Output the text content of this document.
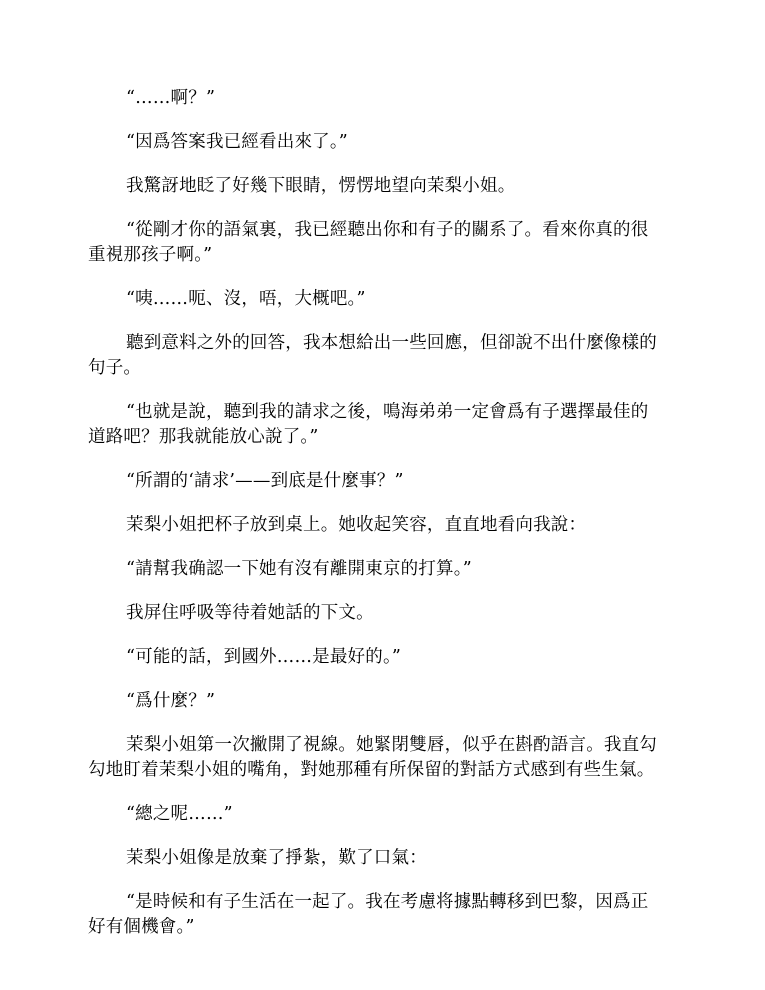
“……啊？”

“因爲答案我已經看出來了。”

我驚訝地眨了好幾下眼睛，愣愣地望向茉梨小姐。

“從剛才你的語氣裏，我已經聽出你和有子的關系了。看來你真的很重視那孩子啊。”

“咦……呃、沒，唔，大概吧。”

聽到意料之外的回答，我本想給出一些回應，但卻說不出什麼像樣的句子。

“也就是說，聽到我的請求之後，鳴海弟弟一定會爲有子選擇最佳的道路吧？那我就能放心說了。”

“所謂的‘請求’——到底是什麼事？”

茉梨小姐把杯子放到桌上。她收起笑容，直直地看向我說：

“請幫我确認一下她有沒有離開東京的打算。”

我屏住呼吸等待着她話的下文。

“可能的話，到國外……是最好的。”

“爲什麼？”

茉梨小姐第一次撇開了視線。她緊閉雙唇，似乎在斟酌語言。我直勾勾地盯着茉梨小姐的嘴角，對她那種有所保留的對話方式感到有些生氣。

“總之呢……”

茉梨小姐像是放棄了掙紮，歎了口氣：

“是時候和有子生活在一起了。我在考慮将據點轉移到巴黎，因爲正好有個機會。”
